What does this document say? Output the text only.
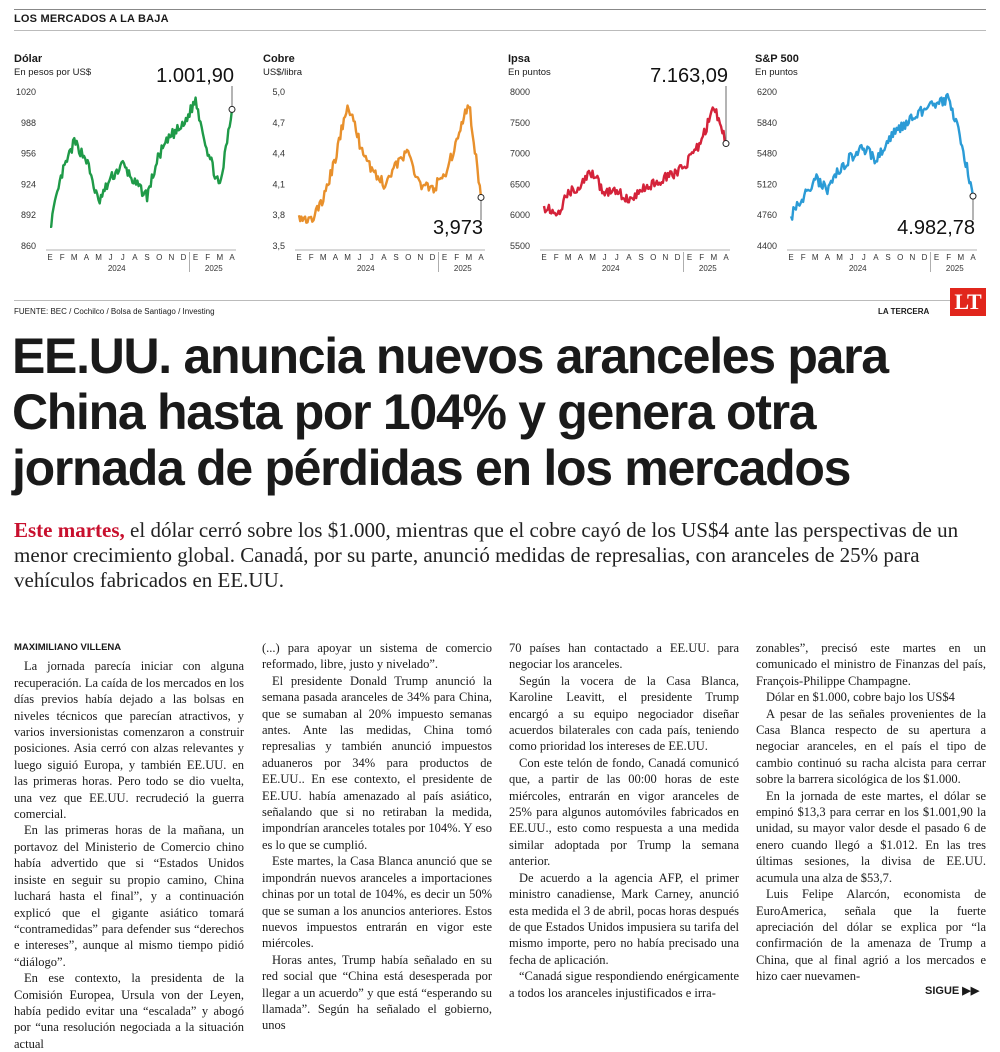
LOS MERCADOS A LA BAJA
Dólar
En pesos por US$
1020
988
956
924
892
860
E F M A M J J A S O N D E F M A
2024	2025
1.001,90
Cobre
US$/libra
5,0
4,7
4,4
4,1
3,8
3,5
E F M A M J J A S O N D E F M A
2024	2025
3,973
Ipsa
En puntos
8000
7500
7000
6500
6000
5500
E F M A M J J A S O N D E F M A
2024	2025
7.163,09
S&P 500
En puntos
6200
5840
5480
5120
4760
4400
E F M A M J J A S O N D E F M A
2024	2025
4.982,78
FUENTE: BEC / Cochilco / Bolsa de Santiago / Investing	LA TERCERA LT
EE.UU. anuncia nuevos aranceles para
China hasta por 104% y genera otra
jornada de pérdidas en los mercados
Este martes, el dólar cerró sobre los $1.000, mientras que el cobre cayó de los US$4 ante las perspectivas de un menor crecimiento global. Canadá, por su parte, anunció medidas de represalias, con aranceles de 25% para vehículos fabricados en EE.UU.

MAXIMILIANO VILLENA

La jornada parecía iniciar con alguna recuperación. La caída de los mercados en los días previos había dejado a las bolsas en niveles técnicos que parecían atractivos, y varios inversionistas comenzaron a construir posiciones. Asia cerró con alzas relevantes y luego siguió Europa, y también EE.UU. en las primeras horas. Pero todo se dio vuelta, una vez que EE.UU. recrudeció la guerra comercial.

En las primeras horas de la mañana, un portavoz del Ministerio de Comercio chino había advertido que si “Estados Unidos insiste en seguir su propio camino, China luchará hasta el final”, y a continuación explicó que el gigante asiático tomará “contramedidas” para defender sus “derechos e intereses”, aunque al mismo tiempo pidió “diálogo”.

En ese contexto, la presidenta de la Comisión Europea, Ursula von der Leyen, había pedido evitar una “escalada” y abogó por “una resolución negociada a la situación actual

(...) para apoyar un sistema de comercio reformado, libre, justo y nivelado”.

El presidente Donald Trump anunció la semana pasada aranceles de 34% para China, que se sumaban al 20% impuesto semanas antes. Ante las medidas, China tomó represalias y también anunció impuestos aduaneros por 34% para productos de EE.UU.. En ese contexto, el presidente de EE.UU. había amenazado al país asiático, señalando que si no retiraban la medida, impondrían aranceles totales por 104%. Y eso es lo que se cumplió.

Este martes, la Casa Blanca anunció que se impondrán nuevos aranceles a importaciones chinas por un total de 104%, es decir un 50% que se suman a los anuncios anteriores. Estos nuevos impuestos entrarán en vigor este miércoles.

Horas antes, Trump había señalado en su red social que “China está desesperada por llegar a un acuerdo” y que está “esperando su llamada”. Según ha señalado el gobierno, unos

70 países han contactado a EE.UU. para negociar los aranceles.

Según la vocera de la Casa Blanca, Karoline Leavitt, el presidente Trump encargó a su equipo negociador diseñar acuerdos bilaterales con cada país, teniendo como prioridad los intereses de EE.UU.

Con este telón de fondo, Canadá comunicó que, a partir de las 00:00 horas de este miércoles, entrarán en vigor aranceles de 25% para algunos automóviles fabricados en EE.UU., esto como respuesta a una medida similar adoptada por Trump la semana anterior.

De acuerdo a la agencia AFP, el primer ministro canadiense, Mark Carney, anunció esta medida el 3 de abril, pocas horas después de que Estados Unidos impusiera su tarifa del mismo importe, pero no había precisado una fecha de aplicación.

“Canadá sigue respondiendo enérgicamente a todos los aranceles injustificados e irra-

zonables”, precisó este martes en un comunicado el ministro de Finanzas del país, François-Philippe Champagne.

Dólar en $1.000, cobre bajo los US$4

A pesar de las señales provenientes de la Casa Blanca respecto de su apertura a negociar aranceles, en el país el tipo de cambio continuó su racha alcista para cerrar sobre la barrera sicológica de los $1.000.

En la jornada de este martes, el dólar se empinó $13,3 para cerrar en los $1.001,90 la unidad, su mayor valor desde el pasado 6 de enero cuando llegó a $1.012. En las tres últimas sesiones, la divisa de EE.UU. acumula una alza de $53,7.

Luis Felipe Alarcón, economista de EuroAmerica, señala que la fuerte apreciación del dólar se explica por “la confirmación de la amenaza de Trump a China, que al final agrió a los mercados e hizo caer nuevamen-

SIGUE ▶▶
